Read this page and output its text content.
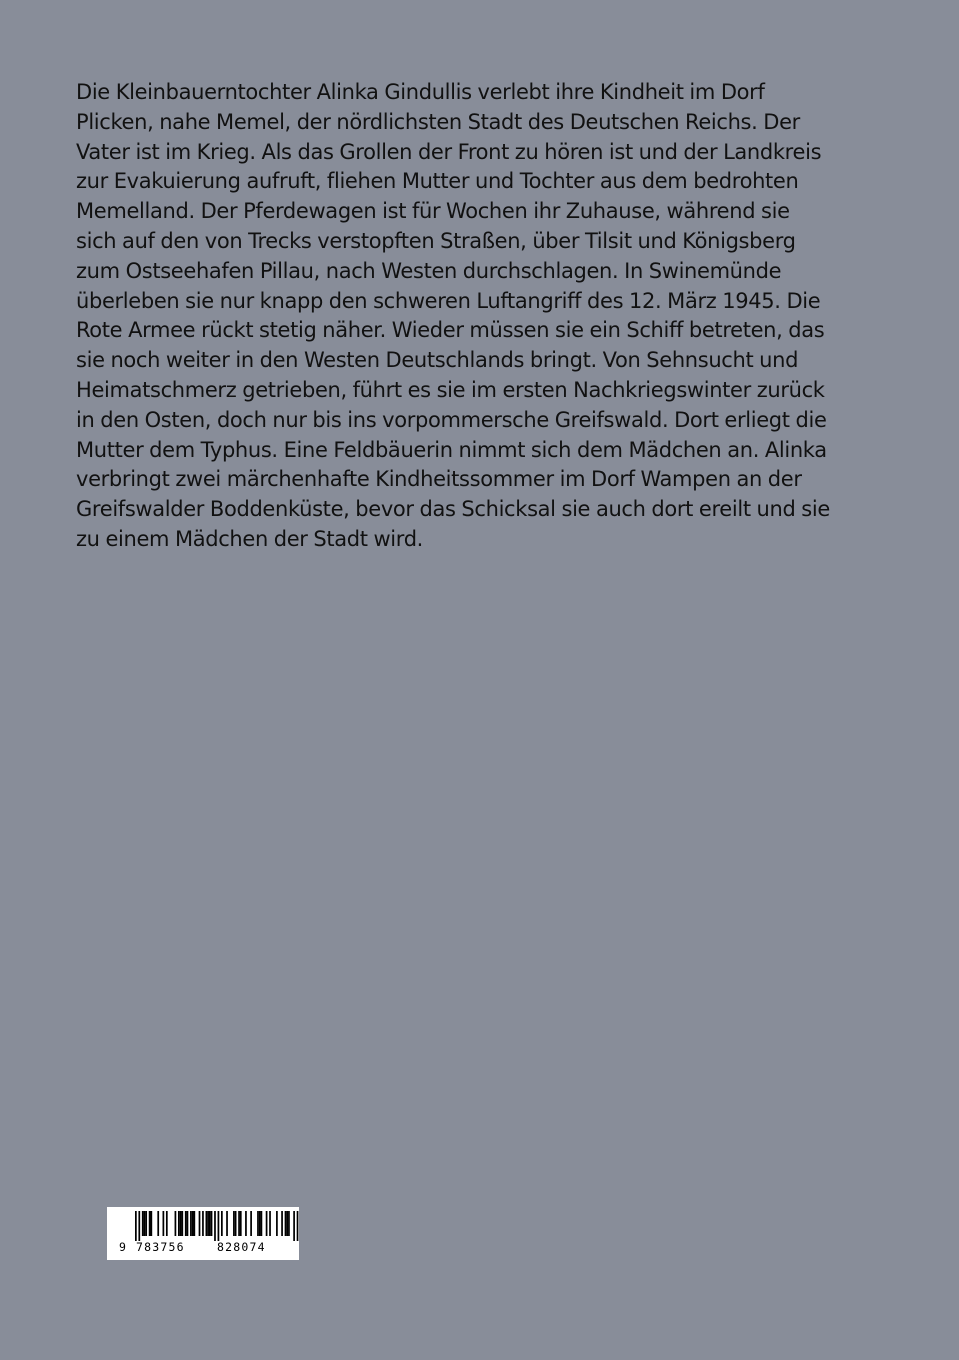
Die Kleinbauerntochter Alinka Gindullis verlebt ihre Kindheit im Dorf
Plicken, nahe Memel, der nördlichsten Stadt des Deutschen Reichs. Der
Vater ist im Krieg. Als das Grollen der Front zu hören ist und der Landkreis
zur Evakuierung aufruft, fliehen Mutter und Tochter aus dem bedrohten
Memelland. Der Pferdewagen ist für Wochen ihr Zuhause, während sie
sich auf den von Trecks verstopften Straßen, über Tilsit und Königsberg
zum Ostseehafen Pillau, nach Westen durchschlagen. In Swinemünde
überleben sie nur knapp den schweren Luftangriff des 12. März 1945. Die
Rote Armee rückt stetig näher. Wieder müssen sie ein Schiff betreten, das
sie noch weiter in den Westen Deutschlands bringt. Von Sehnsucht und
Heimatschmerz getrieben, führt es sie im ersten Nachkriegswinter zurück
in den Osten, doch nur bis ins vorpommersche Greifswald. Dort erliegt die
Mutter dem Typhus. Eine Feldbäuerin nimmt sich dem Mädchen an. Alinka
verbringt zwei märchenhafte Kindheitssommer im Dorf Wampen an der
Greifswalder Boddenküste, bevor das Schicksal sie auch dort ereilt und sie
zu einem Mädchen der Stadt wird.
9 783756	828074
